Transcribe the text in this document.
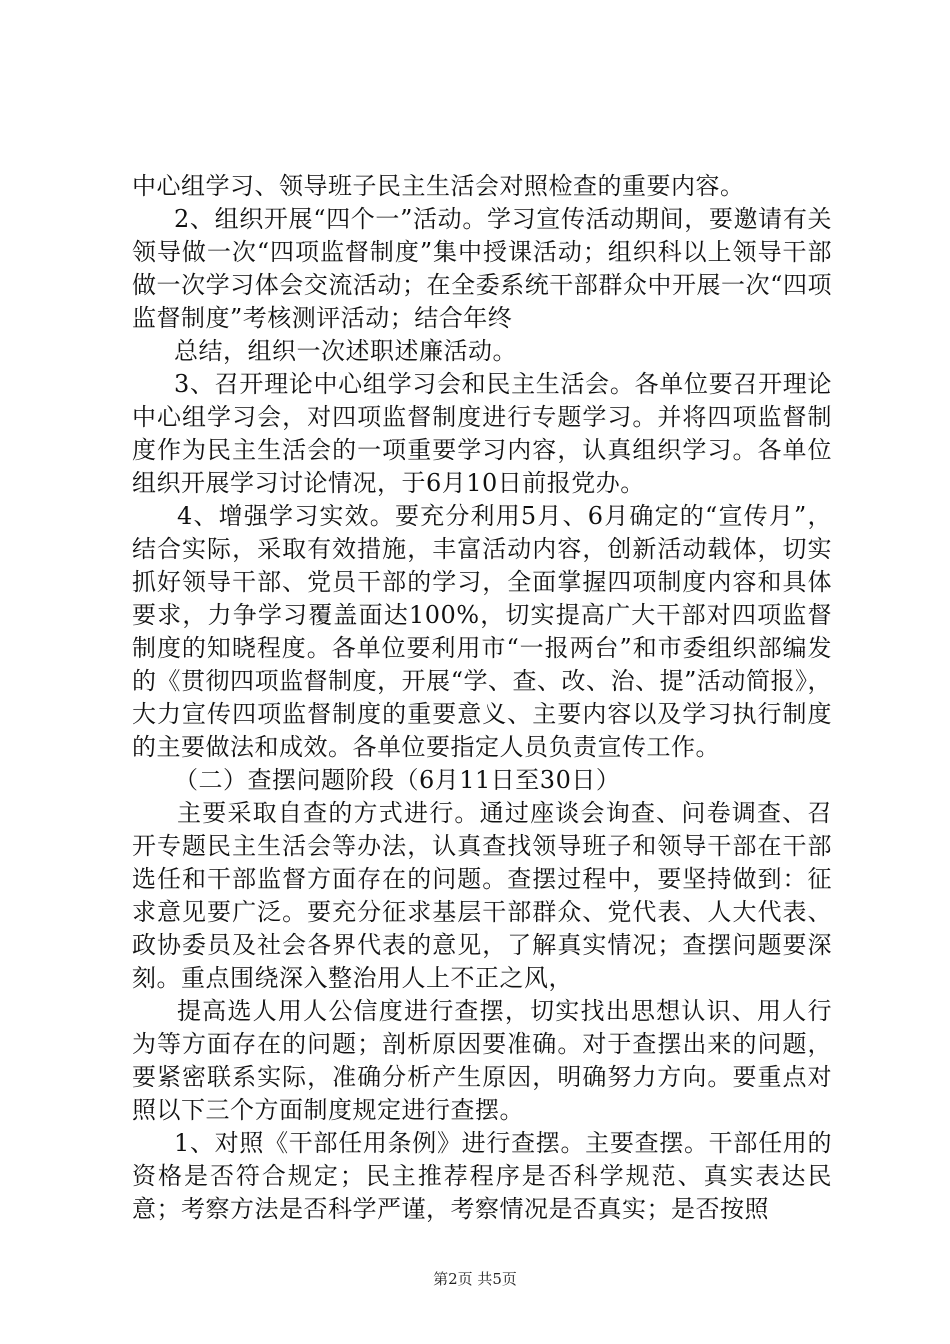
中心组学习、领导班子民主生活会对照检查的重要内容。

2、组织开展“四个一”活动。学习宣传活动期间，要邀请有关领导做一次“四项监督制度”集中授课活动；组织科以上领导干部做一次学习体会交流活动；在全委系统干部群众中开展一次“四项监督制度”考核测评活动；结合年终

总结，组织一次述职述廉活动。

3、召开理论中心组学习会和民主生活会。各单位要召开理论中心组学习会，对四项监督制度进行专题学习。并将四项监督制度作为民主生活会的一项重要学习内容，认真组织学习。各单位组织开展学习讨论情况，于6月10日前报党办。

4、增强学习实效。要充分利用5月、6月确定的“宣传月”，结合实际，采取有效措施，丰富活动内容，创新活动载体，切实抓好领导干部、党员干部的学习，全面掌握四项制度内容和具体要求，力争学习覆盖面达100%，切实提高广大干部对四项监督制度的知晓程度。各单位要利用市“一报两台”和市委组织部编发的《贯彻四项监督制度，开展“学、查、改、治、提”活动简报》，大力宣传四项监督制度的重要意义、主要内容以及学习执行制度的主要做法和成效。各单位要指定人员负责宣传工作。

（二）查摆问题阶段（6月11日至30日）

主要采取自查的方式进行。通过座谈会询查、问卷调查、召开专题民主生活会等办法，认真查找领导班子和领导干部在干部选任和干部监督方面存在的问题。查摆过程中，要坚持做到：征求意见要广泛。要充分征求基层干部群众、党代表、人大代表、政协委员及社会各界代表的意见，了解真实情况；查摆问题要深刻。重点围绕深入整治用人上不正之风，

提高选人用人公信度进行查摆，切实找出思想认识、用人行为等方面存在的问题；剖析原因要准确。对于查摆出来的问题，要紧密联系实际，准确分析产生原因，明确努力方向。要重点对照以下三个方面制度规定进行查摆。

1、对照《干部任用条例》进行查摆。主要查摆。干部任用的资格是否符合规定；民主推荐程序是否科学规范、真实表达民意；考察方法是否科学严谨，考察情况是否真实；是否按照

第2页 共5页
